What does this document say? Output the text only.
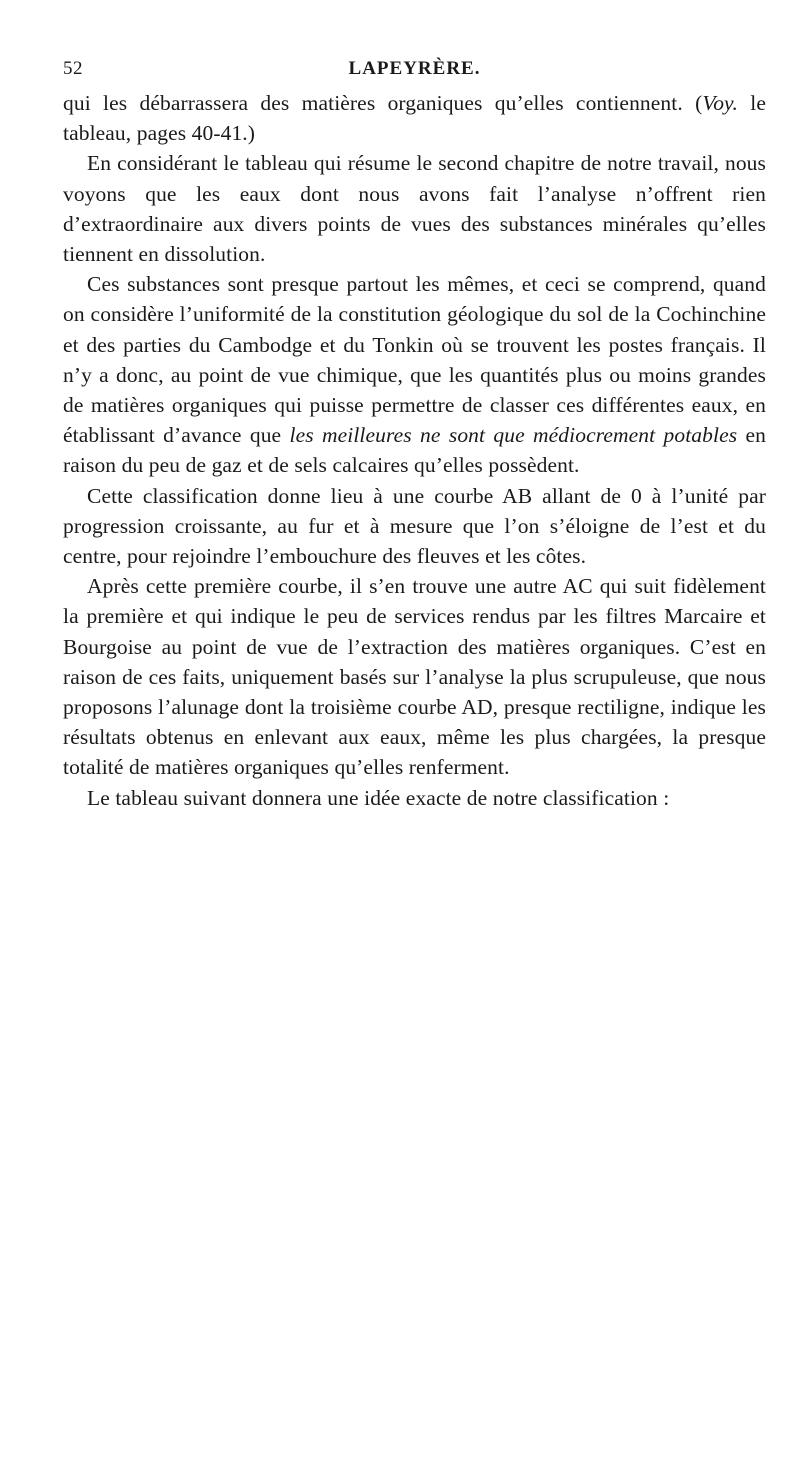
52	LAPEYRÈRE.

qui les débarrassera des matières organiques qu’elles contiennent. (Voy. le tableau, pages 40-41.)

En considérant le tableau qui résume le second chapitre de notre travail, nous voyons que les eaux dont nous avons fait l’analyse n’offrent rien d’extraordinaire aux divers points de vues des substances minérales qu’elles tiennent en dissolution.

Ces substances sont presque partout les mêmes, et ceci se comprend, quand on considère l’uniformité de la constitution géologique du sol de la Cochinchine et des parties du Cambodge et du Tonkin où se trouvent les postes français. Il n’y a donc, au point de vue chimique, que les quantités plus ou moins grandes de matières organiques qui puisse permettre de classer ces différentes eaux, en établissant d’avance que les meilleures ne sont que médiocrement potables en raison du peu de gaz et de sels calcaires qu’elles possèdent.

Cette classification donne lieu à une courbe AB allant de 0 à l’unité par progression croissante, au fur et à mesure que l’on s’éloigne de l’est et du centre, pour rejoindre l’embouchure des fleuves et les côtes.

Après cette première courbe, il s’en trouve une autre AC qui suit fidèlement la première et qui indique le peu de services rendus par les filtres Marcaire et Bourgoise au point de vue de l’extraction des matières organiques. C’est en raison de ces faits, uniquement basés sur l’analyse la plus scrupuleuse, que nous proposons l’alunage dont la troisième courbe AD, presque rectiligne, indique les résultats obtenus en enlevant aux eaux, même les plus chargées, la presque totalité de matières organiques qu’elles renferment.

Le tableau suivant donnera une idée exacte de notre classification :
